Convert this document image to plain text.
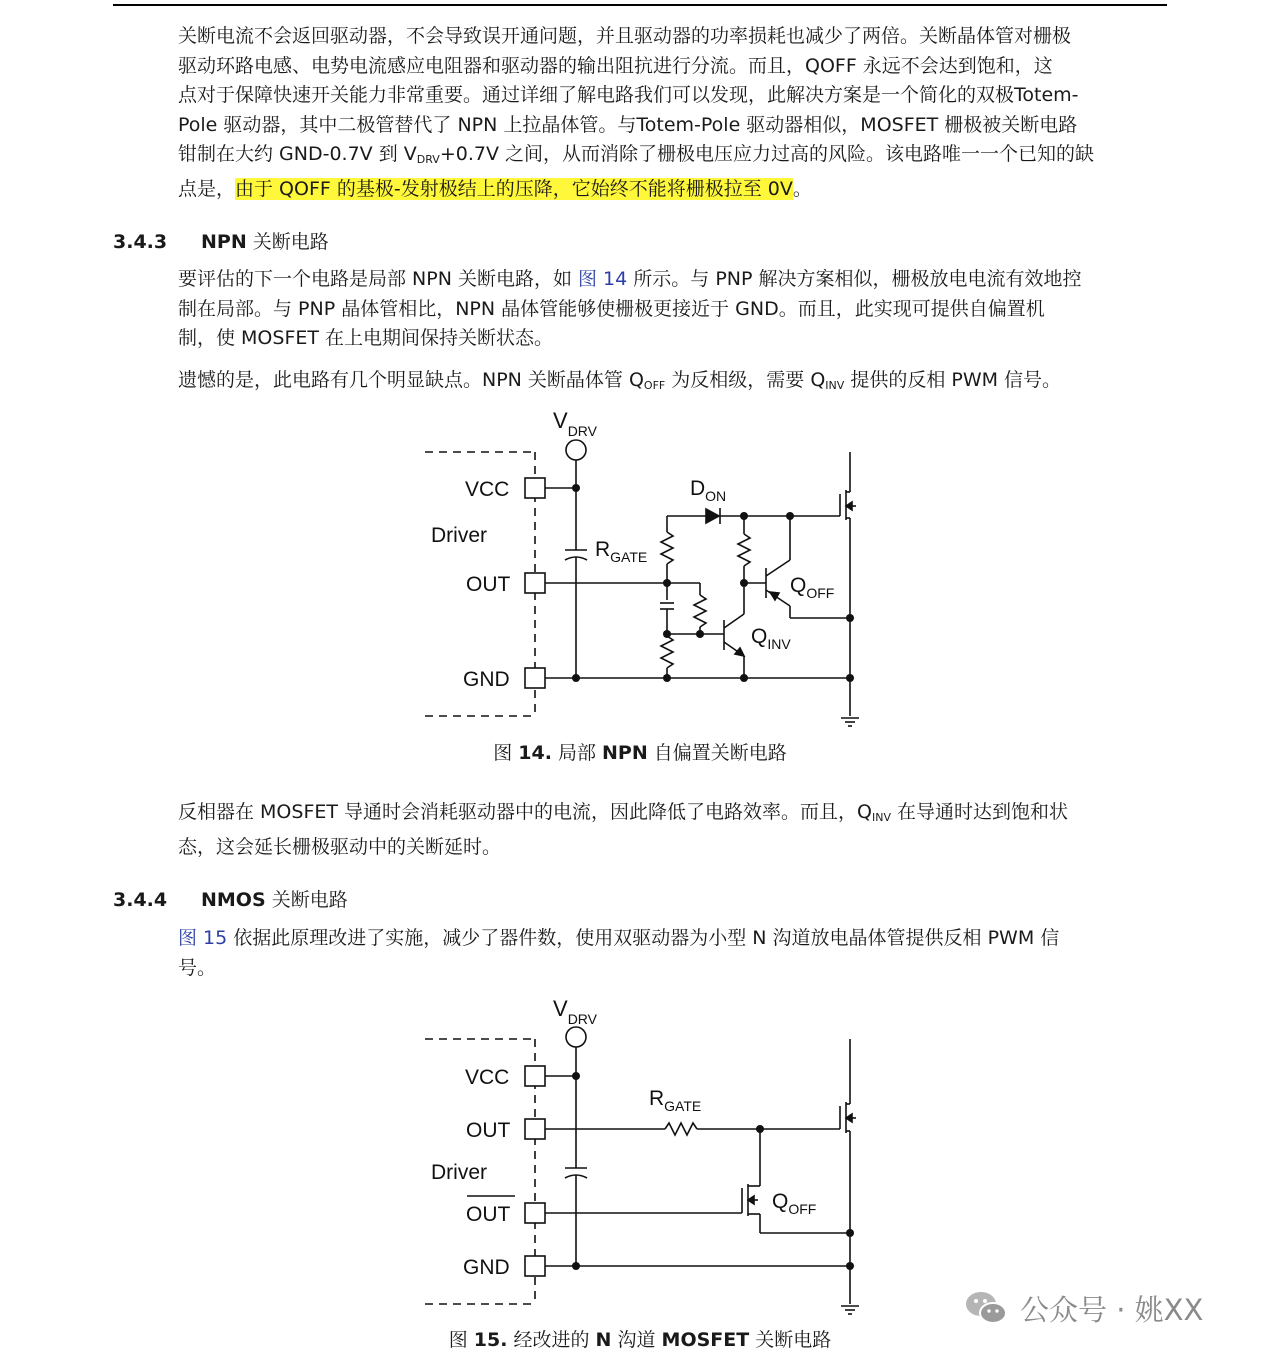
关断电流不会返回驱动器，不会导致误开通问题，并且驱动器的功率损耗也减少了两倍。关断晶体管对栅极
驱动环路电感、电势电流感应电阻器和驱动器的输出阻抗进行分流。而且，QOFF 永远不会达到饱和，这
点对于保障快速开关能力非常重要。通过详细了解电路我们可以发现，此解决方案是一个简化的双极Totem-
Pole 驱动器，其中二极管替代了 NPN 上拉晶体管。与Totem-Pole 驱动器相似，MOSFET 栅极被关断电路
钳制在大约 GND-0.7V 到 $V_{DRV}+0.7V$ 之间，从而消除了栅极电压应力过高的风险。该电路唯一一个已知的缺
点是，由于 QOFF 的基极-发射极结上的压降，它始终不能将栅极拉至 0V。

3.4.3 NPN 关断电路

要评估的下一个电路是局部 NPN 关断电路，如 图 14 所示。与 PNP 解决方案相似，栅极放电电流有效地控
制在局部。与 PNP 晶体管相比，NPN 晶体管能够使栅极更接近于 GND。而且，此实现可提供自偏置机
制，使 MOSFET 在上电期间保持关断状态。

遗憾的是，此电路有几个明显缺点。NPN 关断晶体管 $Q_{OFF}$ 为反相级，需要 $Q_{INV}$ 提供的反相 PWM 信号。

$V_{DRV}$
VCC
Driver
OUT
GND
$D_{ON}$
$R_{GATE}$
$Q_{OFF}$
$Q_{INV}$

图 14. 局部 NPN 自偏置关断电路

反相器在 MOSFET 导通时会消耗驱动器中的电流，因此降低了电路效率。而且，$Q_{INV}$ 在导通时达到饱和状
态，这会延长栅极驱动中的关断延时。

3.4.4 NMOS 关断电路

图 15 依据此原理改进了实施，减少了器件数，使用双驱动器为小型 N 沟道放电晶体管提供反相 PWM 信
号。

$V_{DRV}$
VCC
OUT
Driver
OUT
GND
$R_{GATE}$
$Q_{OFF}$

图 15. 经改进的 N 沟道 MOSFET 关断电路

公众号 · 姚XX
